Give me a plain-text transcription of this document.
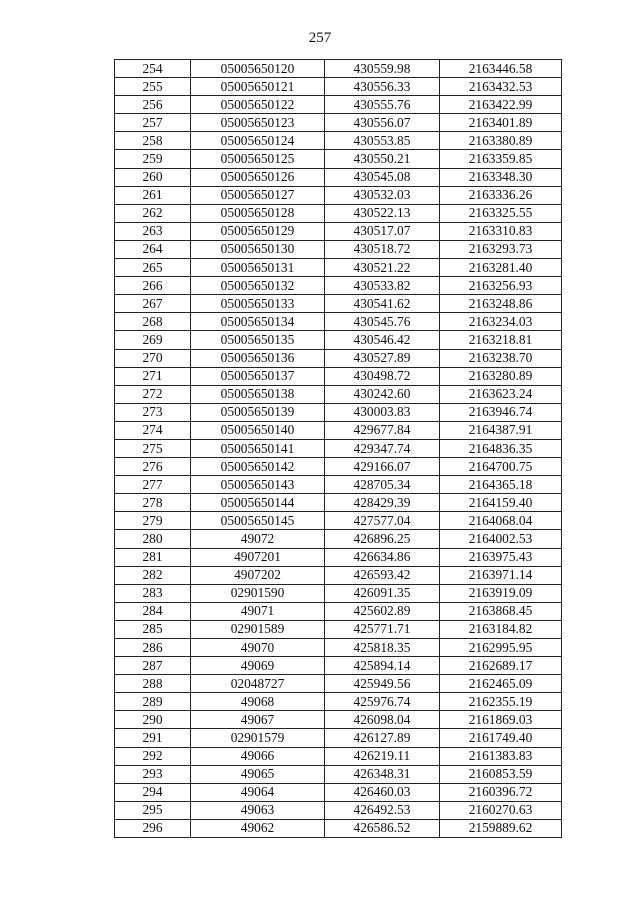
257
254	05005650120	430559.98	2163446.58
255	05005650121	430556.33	2163432.53
256	05005650122	430555.76	2163422.99
257	05005650123	430556.07	2163401.89
258	05005650124	430553.85	2163380.89
259	05005650125	430550.21	2163359.85
260	05005650126	430545.08	2163348.30
261	05005650127	430532.03	2163336.26
262	05005650128	430522.13	2163325.55
263	05005650129	430517.07	2163310.83
264	05005650130	430518.72	2163293.73
265	05005650131	430521.22	2163281.40
266	05005650132	430533.82	2163256.93
267	05005650133	430541.62	2163248.86
268	05005650134	430545.76	2163234.03
269	05005650135	430546.42	2163218.81
270	05005650136	430527.89	2163238.70
271	05005650137	430498.72	2163280.89
272	05005650138	430242.60	2163623.24
273	05005650139	430003.83	2163946.74
274	05005650140	429677.84	2164387.91
275	05005650141	429347.74	2164836.35
276	05005650142	429166.07	2164700.75
277	05005650143	428705.34	2164365.18
278	05005650144	428429.39	2164159.40
279	05005650145	427577.04	2164068.04
280	49072	426896.25	2164002.53
281	4907201	426634.86	2163975.43
282	4907202	426593.42	2163971.14
283	02901590	426091.35	2163919.09
284	49071	425602.89	2163868.45
285	02901589	425771.71	2163184.82
286	49070	425818.35	2162995.95
287	49069	425894.14	2162689.17
288	02048727	425949.56	2162465.09
289	49068	425976.74	2162355.19
290	49067	426098.04	2161869.03
291	02901579	426127.89	2161749.40
292	49066	426219.11	2161383.83
293	49065	426348.31	2160853.59
294	49064	426460.03	2160396.72
295	49063	426492.53	2160270.63
296	49062	426586.52	2159889.62
